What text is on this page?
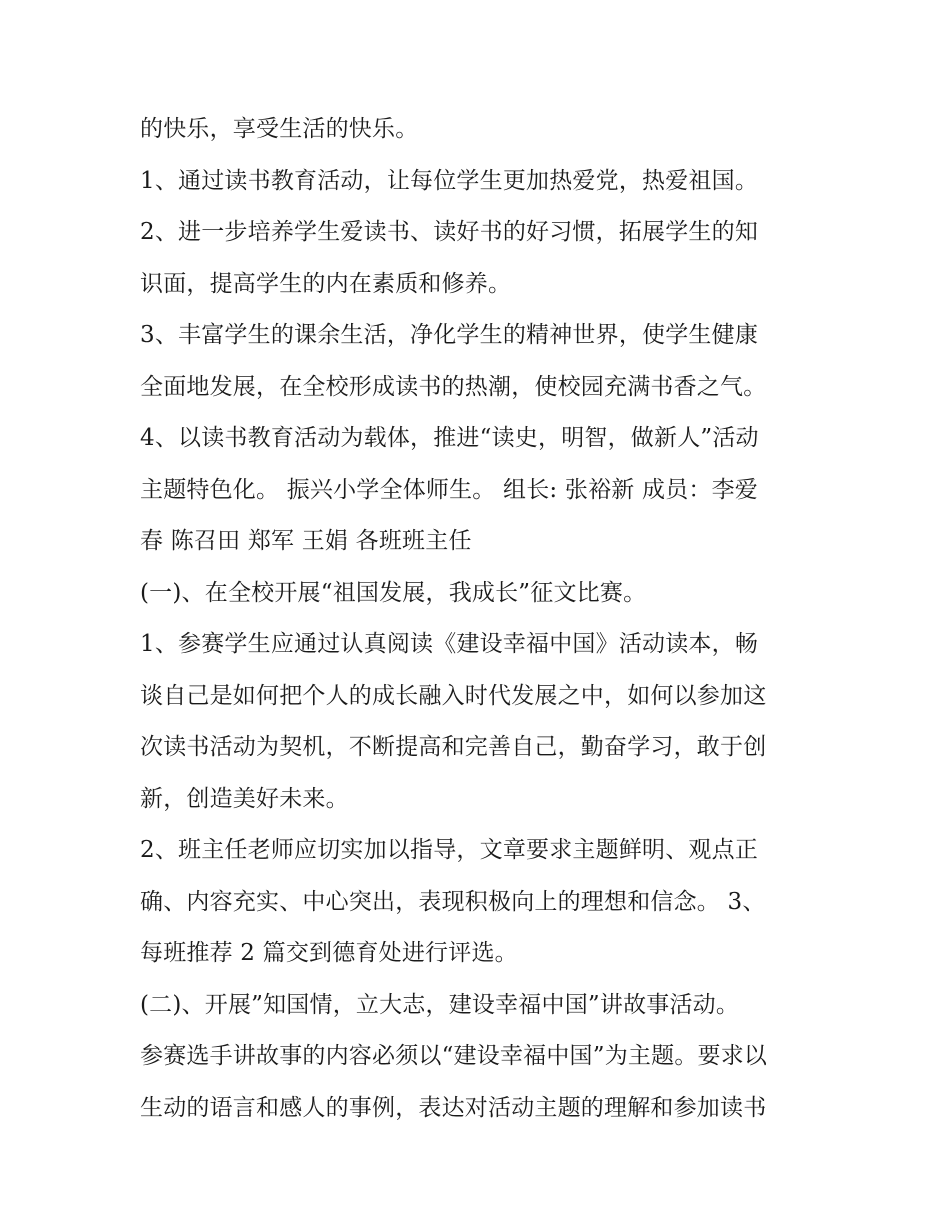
的快乐，享受生活的快乐。
1、通过读书教育活动，让每位学生更加热爱党，热爱祖国。
2、进一步培养学生爱读书、读好书的好习惯，拓展学生的知
识面，提高学生的内在素质和修养。
3、丰富学生的课余生活，净化学生的精神世界，使学生健康
全面地发展，在全校形成读书的热潮，使校园充满书香之气。
4、以读书教育活动为载体，推进“读史，明智，做新人”活动
主题特色化。 振兴小学全体师生。 组长: 张裕新 成员：李爱
春 陈召田 郑军 王娟 各班班主任
(一)、在全校开展“祖国发展，我成长”征文比赛。
1、参赛学生应通过认真阅读《建设幸福中国》活动读本，畅
谈自己是如何把个人的成长融入时代发展之中，如何以参加这
次读书活动为契机，不断提高和完善自己，勤奋学习，敢于创
新，创造美好未来。
2、班主任老师应切实加以指导，文章要求主题鲜明、观点正
确、内容充实、中心突出，表现积极向上的理想和信念。 3、
每班推荐 2 篇交到德育处进行评选。
(二)、开展”知国情，立大志，建设幸福中国”讲故事活动。
参赛选手讲故事的内容必须以“建设幸福中国”为主题。要求以
生动的语言和感人的事例，表达对活动主题的理解和参加读书
